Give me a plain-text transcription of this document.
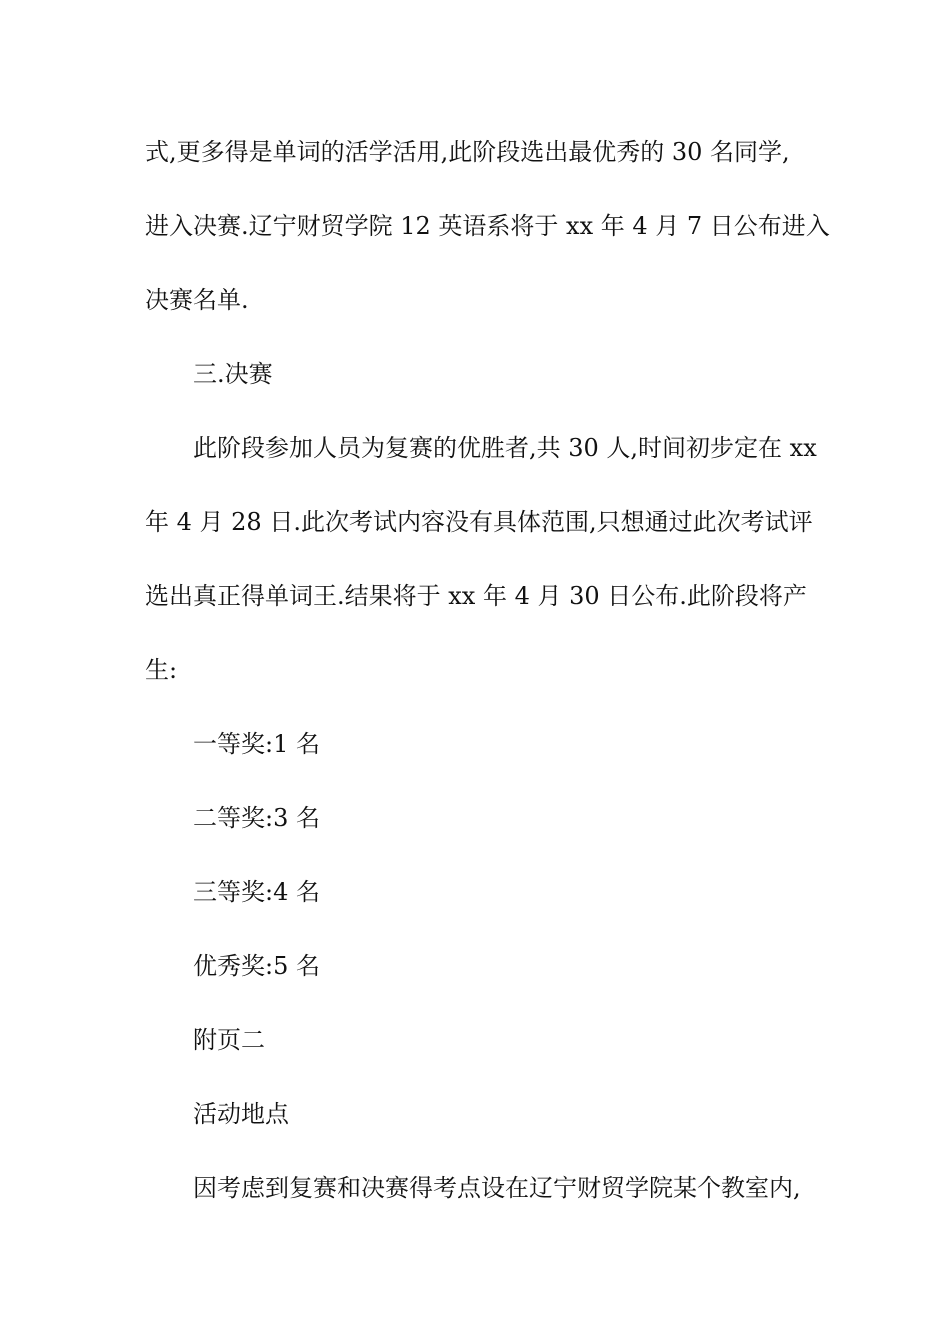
式,更多得是单词的活学活用,此阶段选出最优秀的 30 名同学,
进入决赛.辽宁财贸学院 12 英语系将于 xx 年 4 月 7 日公布进入
决赛名单.
三.决赛
此阶段参加人员为复赛的优胜者,共 30 人,时间初步定在 xx
年 4 月 28 日.此次考试内容没有具体范围,只想通过此次考试评
选出真正得单词王.结果将于 xx 年 4 月 30 日公布.此阶段将产
生:
一等奖:1 名
二等奖:3 名
三等奖:4 名
优秀奖:5 名
附页二
活动地点
因考虑到复赛和决赛得考点设在辽宁财贸学院某个教室内,
